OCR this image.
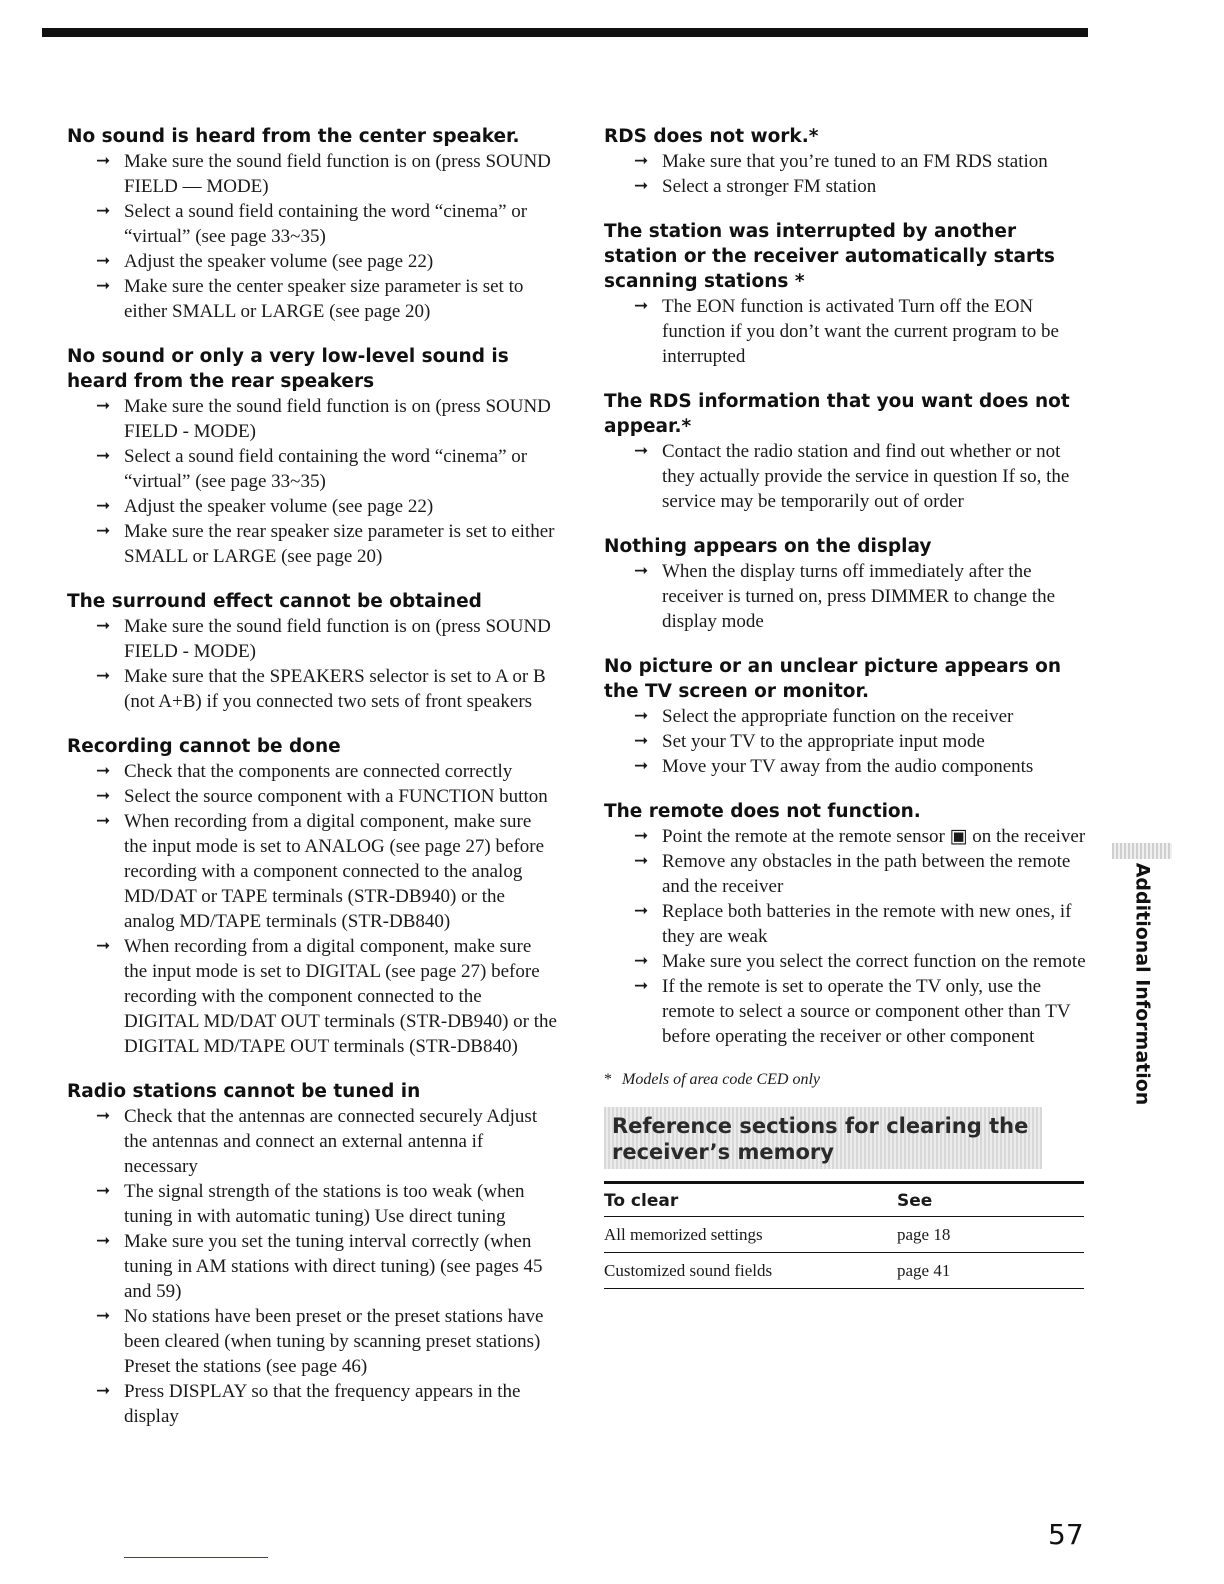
No sound is heard from the center speaker.

➞ Make sure the sound field function is on (press SOUND FIELD — MODE)
➞ Select a sound field containing the word “cinema” or “virtual” (see page 33~35)
➞ Adjust the speaker volume (see page 22)
➞ Make sure the center speaker size parameter is set to either SMALL or LARGE (see page 20)

No sound or only a very low-level sound is heard from the rear speakers

➞ Make sure the sound field function is on (press SOUND FIELD - MODE)
➞ Select a sound field containing the word “cinema” or “virtual” (see page 33~35)
➞ Adjust the speaker volume (see page 22)
➞ Make sure the rear speaker size parameter is set to either SMALL or LARGE (see page 20)

The surround effect cannot be obtained

➞ Make sure the sound field function is on (press SOUND FIELD - MODE)
➞ Make sure that the SPEAKERS selector is set to A or B (not A+B) if you connected two sets of front speakers

Recording cannot be done

➞ Check that the components are connected correctly
➞ Select the source component with a FUNCTION button
➞ When recording from a digital component, make sure the input mode is set to ANALOG (see page 27) before recording with a component connected to the analog MD/DAT or TAPE terminals (STR-DB940) or the analog MD/TAPE terminals (STR-DB840)
➞ When recording from a digital component, make sure the input mode is set to DIGITAL (see page 27) before recording with the component connected to the DIGITAL MD/DAT OUT terminals (STR-DB940) or the DIGITAL MD/TAPE OUT terminals (STR-DB840)

Radio stations cannot be tuned in

➞ Check that the antennas are connected securely Adjust the antennas and connect an external antenna if necessary
➞ The signal strength of the stations is too weak (when tuning in with automatic tuning) Use direct tuning
➞ Make sure you set the tuning interval correctly (when tuning in AM stations with direct tuning) (see pages 45 and 59)
➞ No stations have been preset or the preset stations have been cleared (when tuning by scanning preset stations) Preset the stations (see page 46)
➞ Press DISPLAY so that the frequency appears in the display

RDS does not work.*

➞ Make sure that you’re tuned to an FM RDS station
➞ Select a stronger FM station

The station was interrupted by another station or the receiver automatically starts scanning stations *

➞ The EON function is activated Turn off the EON function if you don’t want the current program to be interrupted

The RDS information that you want does not appear.*

➞ Contact the radio station and find out whether or not they actually provide the service in question If so, the service may be temporarily out of order

Nothing appears on the display

➞ When the display turns off immediately after the receiver is turned on, press DIMMER to change the display mode

No picture or an unclear picture appears on the TV screen or monitor.

➞ Select the appropriate function on the receiver
➞ Set your TV to the appropriate input mode
➞ Move your TV away from the audio components

The remote does not function.

➞ Point the remote at the remote sensor ▣ on the receiver
➞ Remove any obstacles in the path between the remote and the receiver
➞ Replace both batteries in the remote with new ones, if they are weak
➞ Make sure you select the correct function on the remote
➞ If the remote is set to operate the TV only, use the remote to select a source or component other than TV before operating the receiver or other component

* Models of area code CED only

Reference sections for clearing the receiver’s memory
To clear	See
All memorized settings	page 18
Customized sound fields	page 41
Additional Information
57
